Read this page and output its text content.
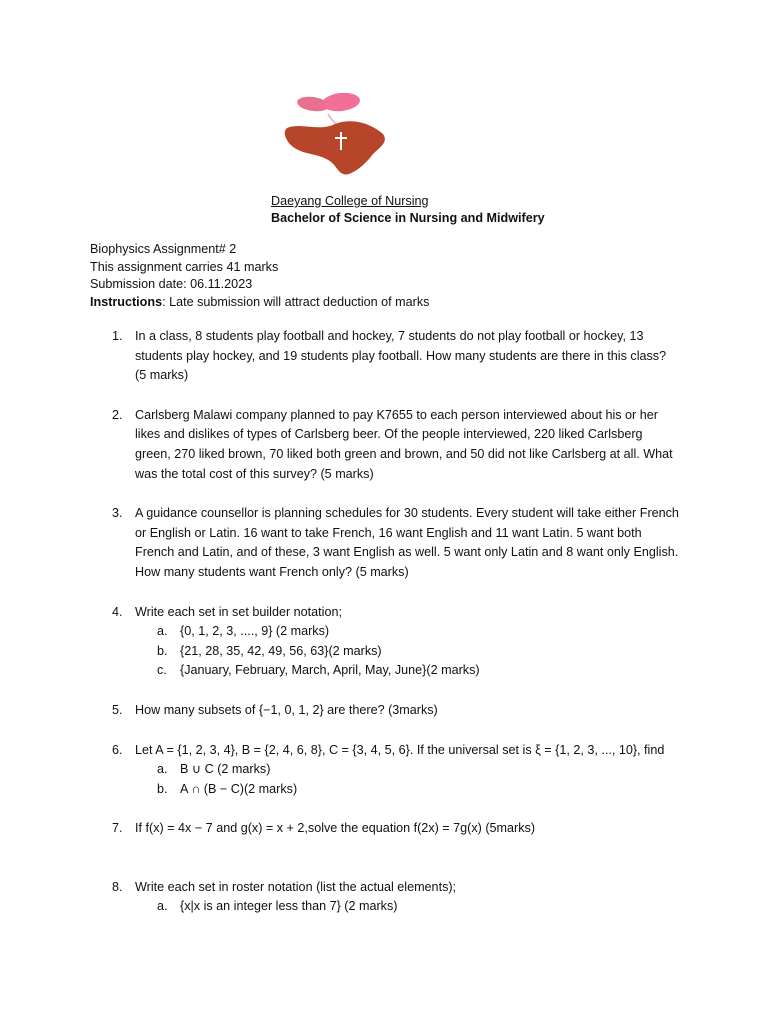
Daeyang College of Nursing
Bachelor of Science in Nursing and Midwifery
Biophysics Assignment# 2
This assignment carries 41 marks
Submission date: 06.11.2023
Instructions: Late submission will attract deduction of marks
1. In a class, 8 students play football and hockey, 7 students do not play football or hockey, 13 students play hockey, and 19 students play football. How many students are there in this class? (5 marks)
2. Carlsberg Malawi company planned to pay K7655 to each person interviewed about his or her likes and dislikes of types of Carlsberg beer. Of the people interviewed, 220 liked Carlsberg green, 270 liked brown, 70 liked both green and brown, and 50 did not like Carlsberg at all. What was the total cost of this survey? (5 marks)
3. A guidance counsellor is planning schedules for 30 students. Every student will take either French or English or Latin. 16 want to take French, 16 want English and 11 want Latin. 5 want both French and Latin, and of these, 3 want English as well. 5 want only Latin and 8 want only English. How many students want French only? (5 marks)
4. Write each set in set builder notation;
a. {0, 1, 2, 3, ...., 9} (2 marks)
b. {21, 28, 35, 42, 49, 56, 63}(2 marks)
c. {January, February, March, April, May, June}(2 marks)
5. How many subsets of {−1, 0, 1, 2} are there? (3marks)
6. Let A = {1, 2, 3, 4}, B = {2, 4, 6, 8}, C = {3, 4, 5, 6}. If the universal set is ξ = {1, 2, 3, ..., 10}, find
a. B ∪ C (2 marks)
b. A ∩ (B − C)(2 marks)
7. If f(x) = 4x − 7 and g(x) = x + 2,solve the equation f(2x) = 7g(x) (5marks)
8. Write each set in roster notation (list the actual elements);
a. {x|x is an integer less than 7} (2 marks)
